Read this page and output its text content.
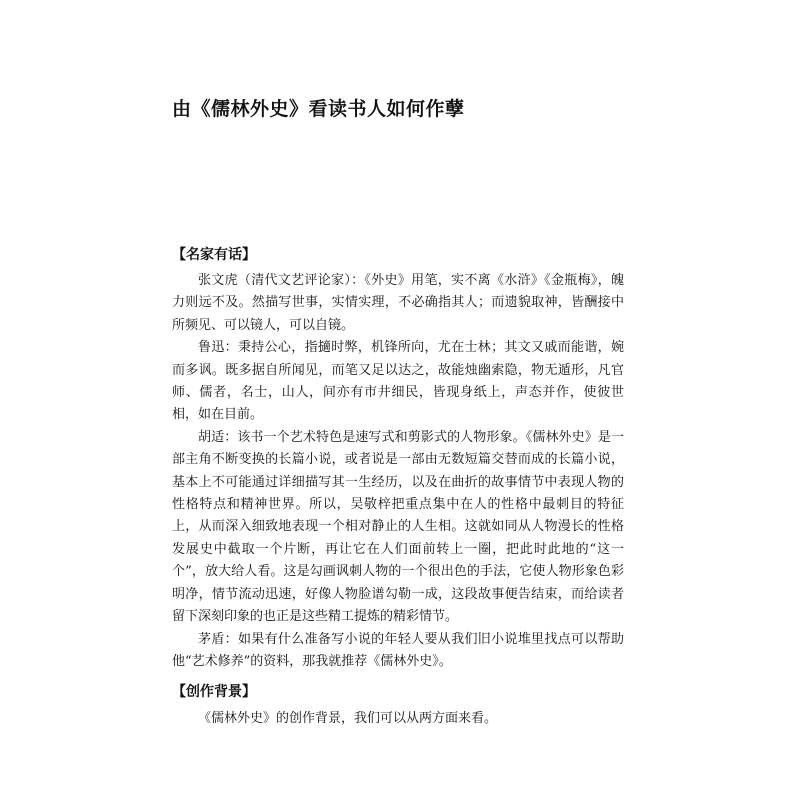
由《儒林外史》看读书人如何作孽
【名家有话】

张文虎（清代文艺评论家）：《外史》用笔，实不离《水浒》《金瓶梅》，魄力则远不及。然描写世事，实情实理，不必确指其人；而遗貌取神，皆酬接中所频见、可以镜人，可以自镜。

鲁迅：秉持公心，指擿时弊，机锋所向，尤在士林；其文又戚而能谐，婉而多讽。既多据自所闻见，而笔又足以达之，故能烛幽索隐，物无遁形，凡官师、儒者，名士，山人，间亦有市井细民，皆现身纸上，声态并作，使彼世相，如在目前。

胡适：该书一个艺术特色是速写式和剪影式的人物形象。《儒林外史》是一部主角不断变换的长篇小说，或者说是一部由无数短篇交替而成的长篇小说，基本上不可能通过详细描写其一生经历，以及在曲折的故事情节中表现人物的性格特点和精神世界。所以，吴敬梓把重点集中在人的性格中最刺目的特征上，从而深入细致地表现一个相对静止的人生相。这就如同从人物漫长的性格发展史中截取一个片断，再让它在人们面前转上一圈，把此时此地的“这一个”，放大给人看。这是勾画讽刺人物的一个很出色的手法，它使人物形象色彩明净，情节流动迅速，好像人物脸谱勾勒一成，这段故事便告结束，而给读者留下深刻印象的也正是这些精工提炼的精彩情节。

茅盾：如果有什么准备写小说的年轻人要从我们旧小说堆里找点可以帮助他“艺术修养”的资料，那我就推荐《儒林外史》。

【创作背景】

《儒林外史》的创作背景，我们可以从两方面来看。
